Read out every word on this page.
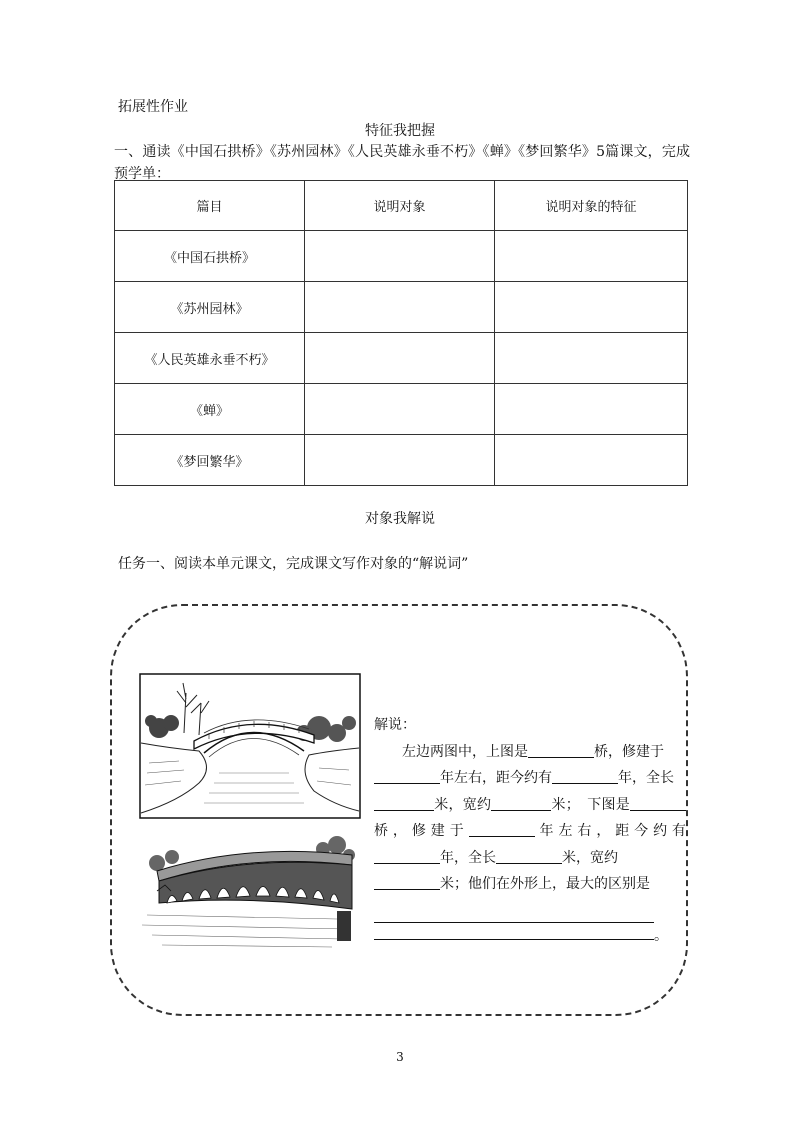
拓展性作业
特征我把握
一、通读《中国石拱桥》《苏州园林》《人民英雄永垂不朽》《蝉》《梦回繁华》5篇课文，完成预学单：
篇目	说明对象	说明对象的特征
《中国石拱桥》		
《苏州园林》		
《人民英雄永垂不朽》		
《蝉》		
《梦回繁华》		
对象我解说
任务一、阅读本单元课文，完成课文写作对象的“解说词”
解说：
左边两图中，上图是	桥，修建于
年左右，距今约有	年，全长
米，宽约	米；　下图是桥，修建于	年左右，距今约有年，全长	米，宽约
米；他们在外形上，最大的区别是
。
3
